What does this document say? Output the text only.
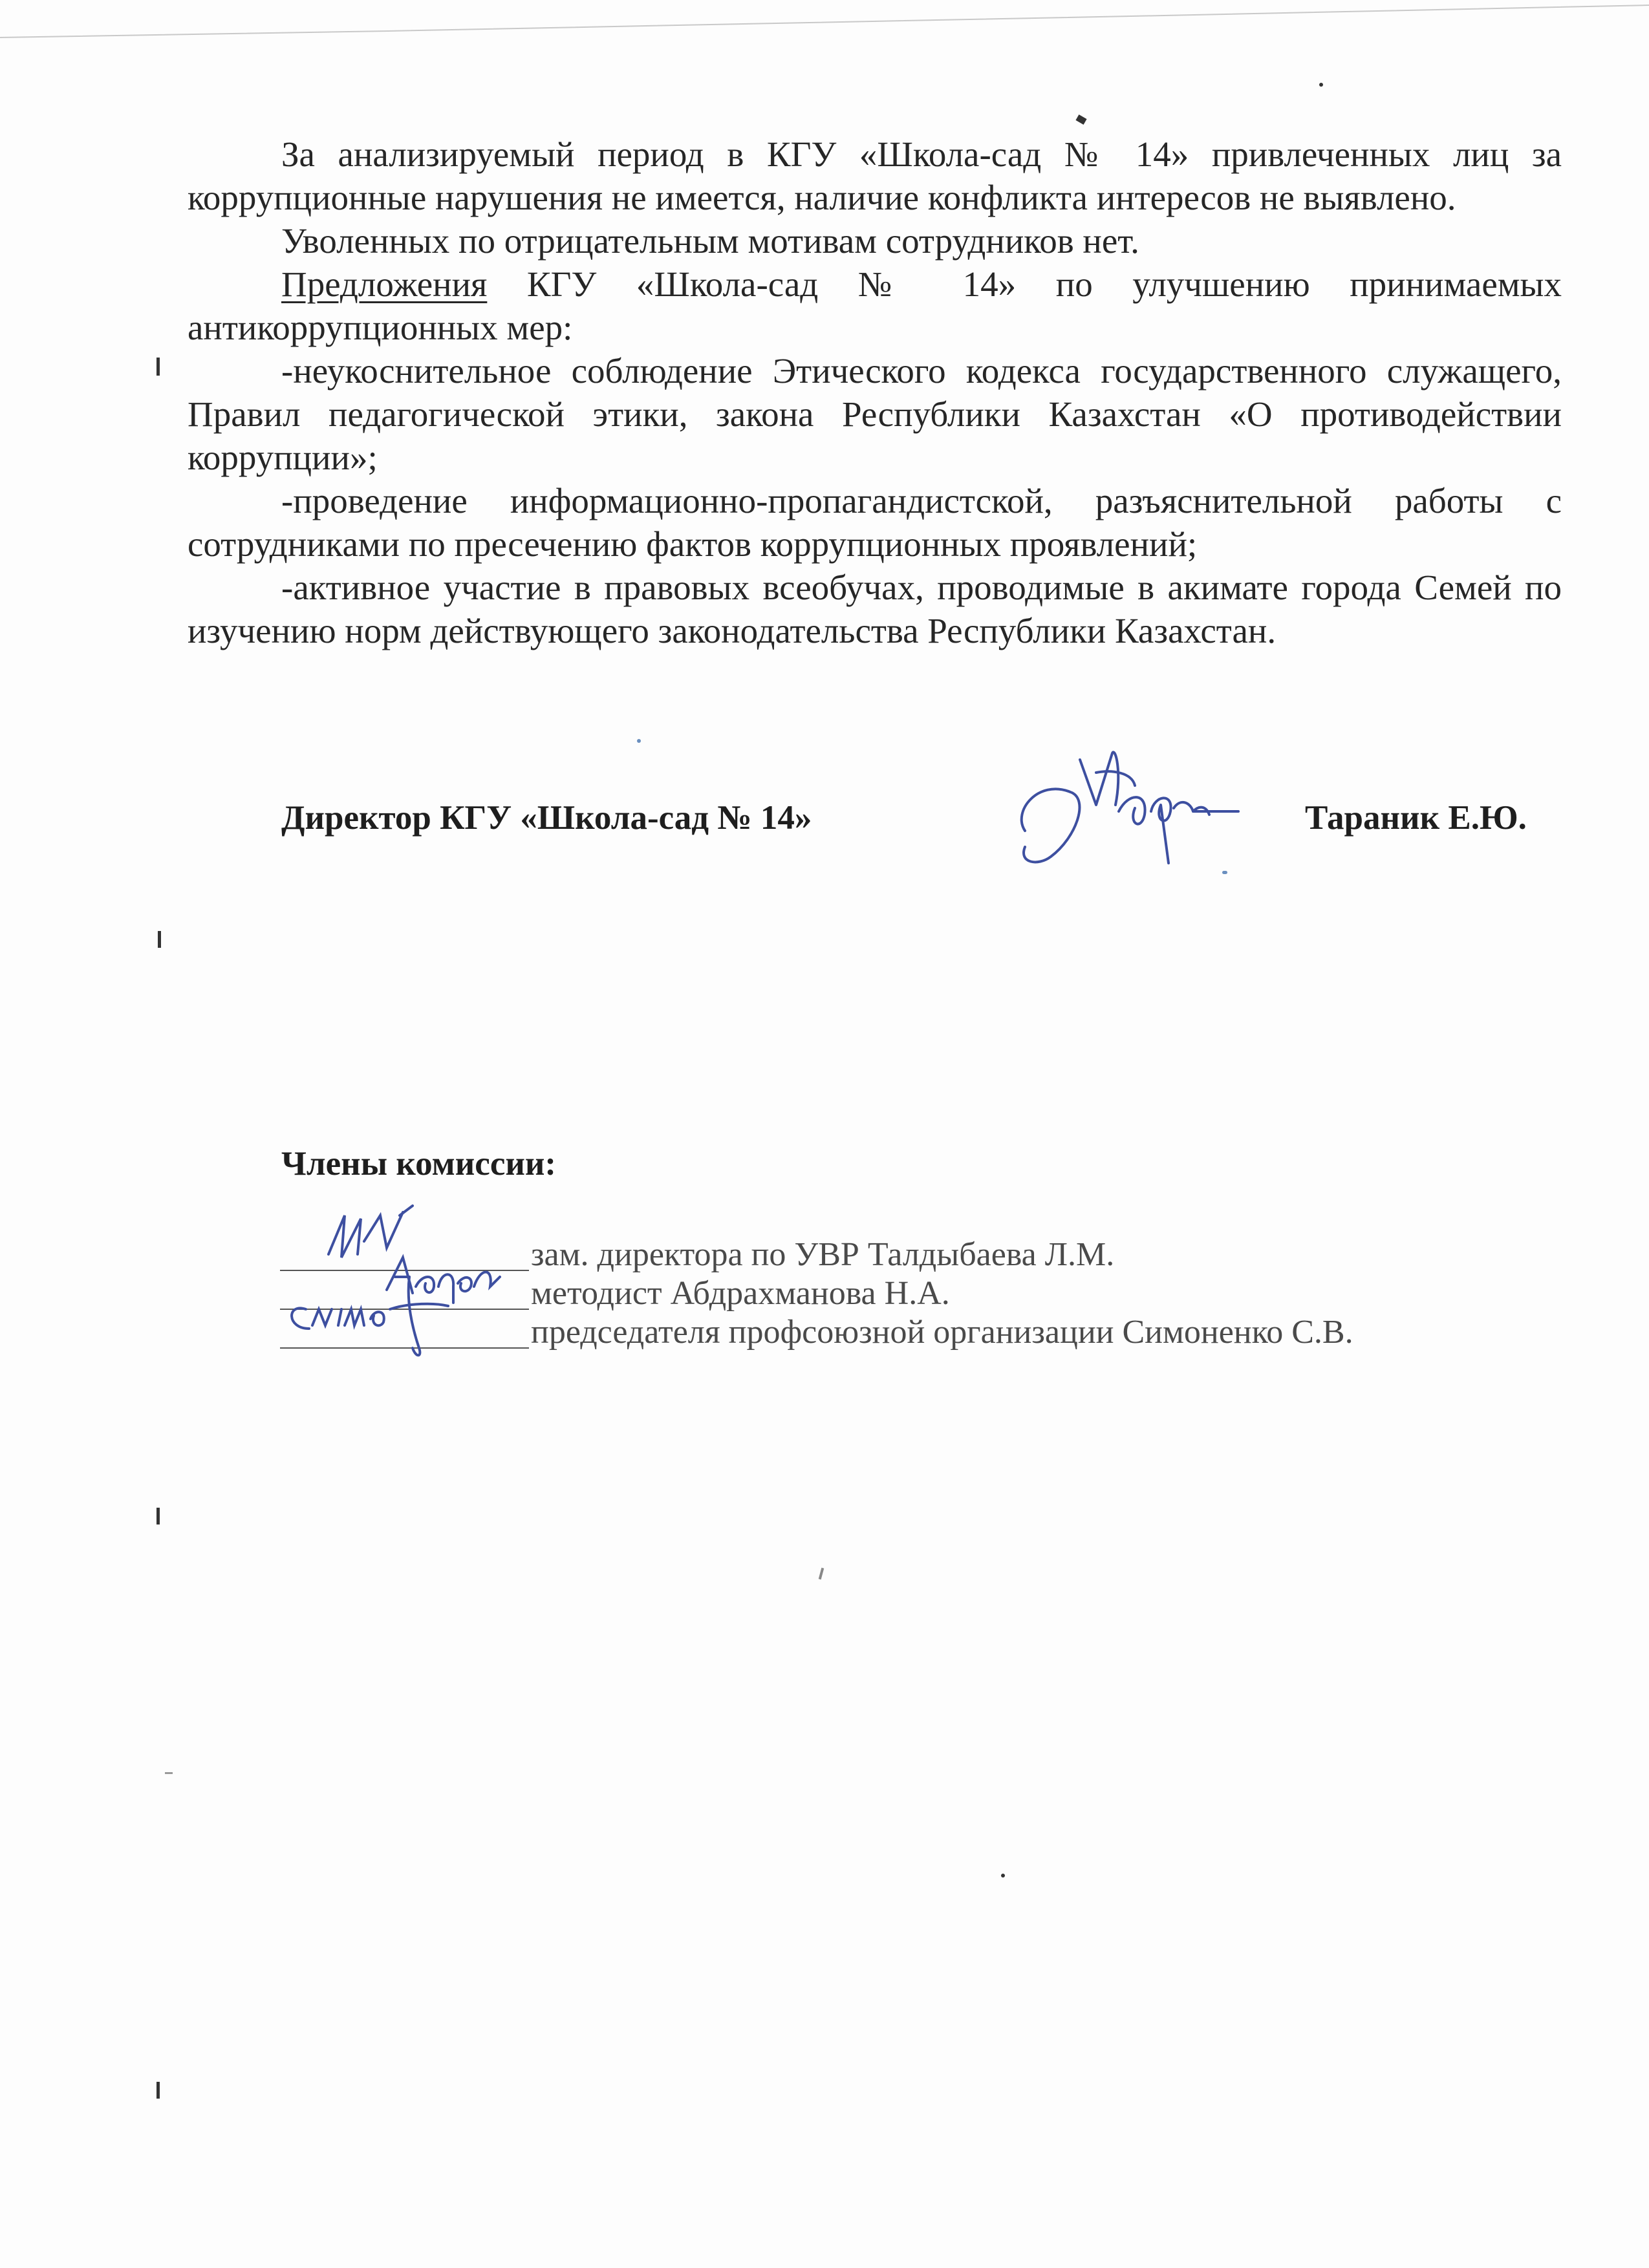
За анализируемый период в КГУ «Школа-сад № 14» привлеченных лиц за коррупционные нарушения не имеется, наличие конфликта интересов не выявлено.

Уволенных по отрицательным мотивам сотрудников нет.

Предложения КГУ «Школа-сад № 14» по улучшению принимаемых антикоррупционных мер:

-неукоснительное соблюдение Этического кодекса государственного служащего, Правил педагогической этики, закона Республики Казахстан «О противодействии коррупции»;

-проведение информационно-пропагандистской, разъяснительной работы с сотрудниками по пресечению фактов коррупционных проявлений;

-активное участие в правовых всеобучах, проводимые в акимате города Семей по изучению норм действующего законодательства Республики Казахстан.

Директор КГУ «Школа-сад № 14»	Тараник Е.Ю.
Члены комиссии:
зам. директора по УВР Талдыбаева Л.М.
методист Абдрахманова Н.А.
председателя профсоюзной организации Симоненко С.В.
